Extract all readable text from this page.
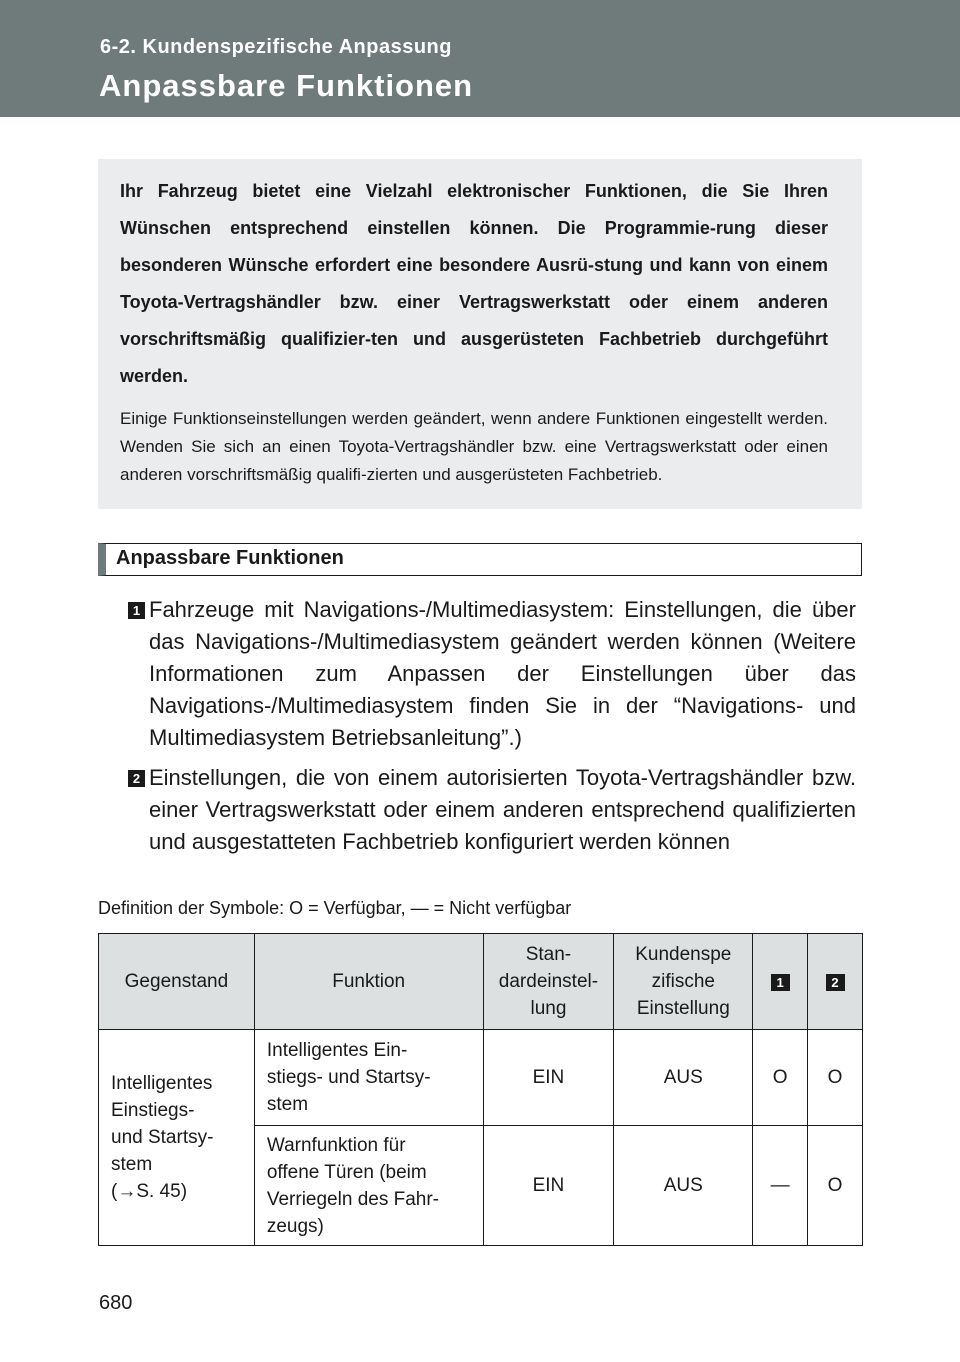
6-2. Kundenspezifische Anpassung
Anpassbare Funktionen

Ihr Fahrzeug bietet eine Vielzahl elektronischer Funktionen, die Sie Ihren Wünschen entsprechend einstellen können. Die Programmie-rung dieser besonderen Wünsche erfordert eine besondere Ausrü-stung und kann von einem Toyota-Vertragshändler bzw. einer Vertragswerkstatt oder einem anderen vorschriftsmäßig qualifizier-ten und ausgerüsteten Fachbetrieb durchgeführt werden.

Einige Funktionseinstellungen werden geändert, wenn andere Funktionen eingestellt werden. Wenden Sie sich an einen Toyota-Vertragshändler bzw. eine Vertragswerkstatt oder einen anderen vorschriftsmäßig qualifi-zierten und ausgerüsteten Fachbetrieb.

Anpassbare Funktionen
1 Fahrzeuge mit Navigations-/Multimediasystem: Einstellungen, die über das Navigations-/Multimediasystem geändert werden können (Weitere Informationen zum Anpassen der Einstellungen über das Navigations-/Multimediasystem finden Sie in der “Navigations- und Multimediasystem Betriebsanleitung”.)

2 Einstellungen, die von einem autorisierten Toyota-Vertragshändler bzw. einer Vertragswerkstatt oder einem anderen entsprechend qualifizierten und ausgestatteten Fachbetrieb konfiguriert werden können

Definition der Symbole: O = Verfügbar, — = Nicht verfügbar
Gegenstand	Funktion	Stan-
dardeinstel-
lung	Kundenspe
zifische
Einstellung	1	2
Intelligentes
Einstiegs-
und Startsy-
stem
(→S. 45)	Intelligentes Ein-
stiegs- und Startsy-
stem	EIN	AUS	O	O
	Warnfunktion für
offene Türen (beim
Verriegeln des Fahr-
zeugs)	EIN	AUS	—	O
680
